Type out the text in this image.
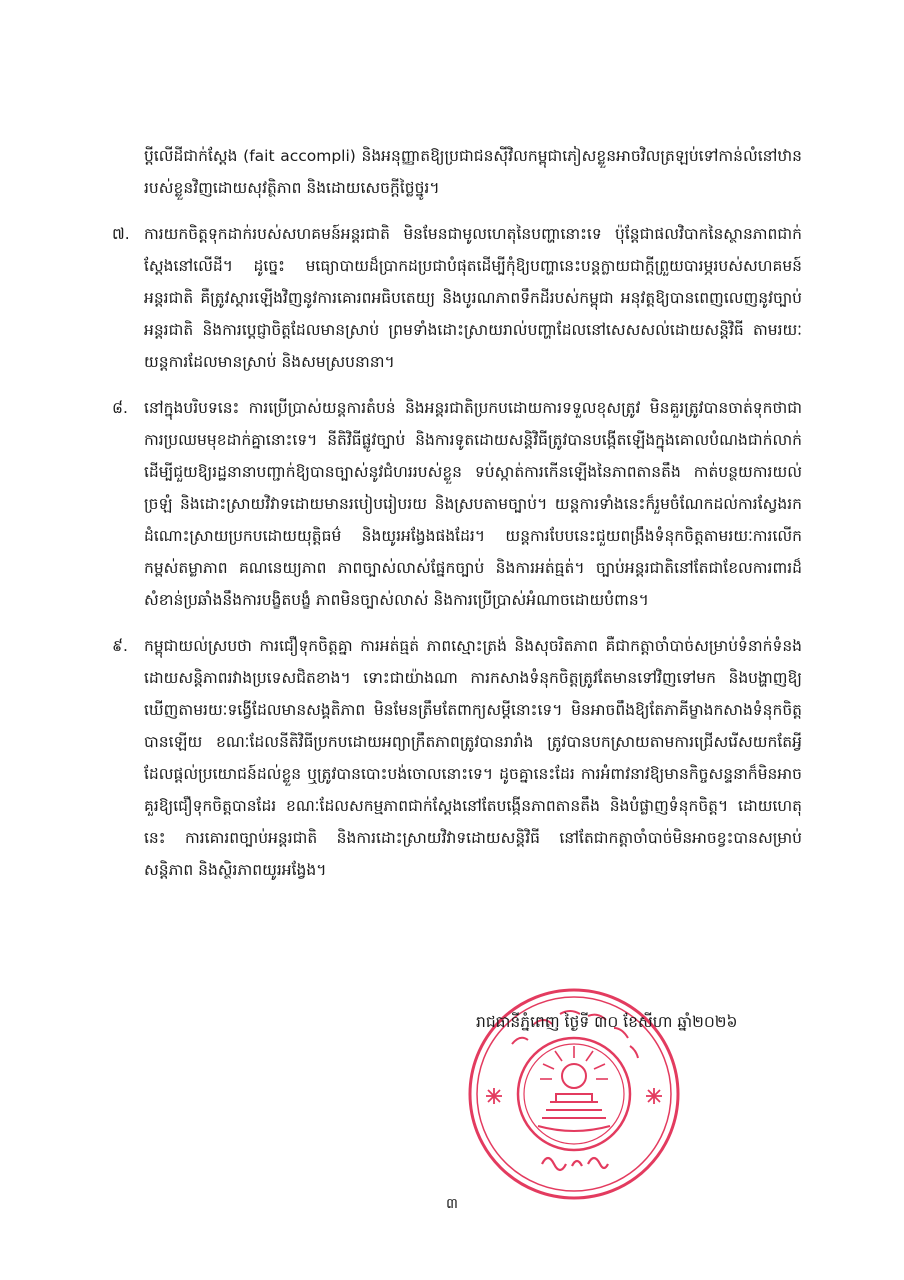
ប្ដីលើដីជាក់ស្ដែង (fait accompli) និងអនុញ្ញាតឱ្យប្រជាជនស៊ីវិលកម្ពុជាភៀសខ្លួនអាចវិលត្រឡប់ទៅកាន់លំនៅឋានរបស់ខ្លួនវិញដោយសុវត្ថិភាព និងដោយសេចក្ដីថ្លៃថ្នូរ។
៧. ការយកចិត្តទុកដាក់របស់សហគមន៍អន្តរជាតិ មិនមែនជាមូលហេតុនៃបញ្ហានោះទេ ប៉ុន្តែជាផលវិបាកនៃស្ថានភាពជាក់ស្ដែងនៅលើដី។ ដូច្នេះ មធ្យោបាយដ៏ប្រាកដប្រជាបំផុតដើម្បីកុំឱ្យបញ្ហានេះបន្តក្លាយជាក្ដីព្រួយបារម្ភរបស់សហគមន៍អន្តរជាតិ គឺត្រូវស្ដារឡើងវិញនូវការគោរពអធិបតេយ្យ និងបូរណភាពទឹកដីរបស់កម្ពុជា អនុវត្តឱ្យបានពេញលេញនូវច្បាប់អន្តរជាតិ និងការប្ដេជ្ញាចិត្តដែលមានស្រាប់ ព្រមទាំងដោះស្រាយរាល់បញ្ហាដែលនៅសេសសល់ដោយសន្តិវិធី តាមរយៈយន្តការដែលមានស្រាប់ និងសមស្របនានា។
៨.	នៅក្នុងបរិបទនេះ ការប្រើប្រាស់យន្តការតំបន់ និងអន្តរជាតិប្រកបដោយការទទួលខុសត្រូវ មិនគួរត្រូវបានចាត់ទុកថាជាការប្រឈមមុខដាក់គ្នានោះទេ។ នីតិវិធីផ្លូវច្បាប់ និងការទូតដោយសន្តិវិធីត្រូវបានបង្កើតឡើងក្នុងគោលបំណងជាក់លាក់ ដើម្បីជួយឱ្យរដ្ឋនានាបញ្ជាក់ឱ្យបានច្បាស់នូវជំហររបស់ខ្លួន ទប់ស្កាត់ការកើនឡើងនៃភាពតានតឹង កាត់បន្ថយការយល់ច្រឡំ និងដោះស្រាយវិវាទដោយមានរបៀបរៀបរយ និងស្របតាមច្បាប់។ យន្តការទាំងនេះក៏រួមចំណែកដល់ការស្វែងរកដំណោះស្រាយប្រកបដោយយុត្តិធម៌ និងយូរអង្វែងផងដែរ។ យន្តការបែបនេះជួយពង្រឹងទំនុកចិត្តតាមរយៈការលើកកម្ពស់តម្លាភាព គណនេយ្យភាព ភាពច្បាស់លាស់ផ្នែកច្បាប់ និងការអត់ធ្មត់។ ច្បាប់អន្តរជាតិនៅតែជាខែលការពារដ៏សំខាន់ប្រឆាំងនឹងការបង្ខិតបង្ខំ ភាពមិនច្បាស់លាស់ និងការប្រើប្រាស់អំណាចដោយបំពាន។
៩.	កម្ពុជាយល់ស្របថា ការជឿទុកចិត្តគ្នា ការអត់ធ្មត់ ភាពស្មោះត្រង់ និងសុចរិតភាព គឺជាកត្តាចាំបាច់សម្រាប់ទំនាក់ទំនងដោយសន្តិភាពរវាងប្រទេសជិតខាង។ ទោះជាយ៉ាងណា ការកសាងទំនុកចិត្តត្រូវតែមានទៅវិញទៅមក និងបង្ហាញឱ្យឃើញតាមរយៈទង្វើដែលមានសង្គតិភាព មិនមែនត្រឹមតែពាក្យសម្ដីនោះទេ។ មិនអាចពឹងឱ្យតែភាគីម្ខាងកសាងទំនុកចិត្តបានឡើយ ខណៈដែលនីតិវិធីប្រកបដោយអព្យាក្រឹតភាពត្រូវបានរារាំង ត្រូវបានបកស្រាយតាមការជ្រើសរើសយកតែអ្វីដែលផ្ដល់ប្រយោជន៍ដល់ខ្លួន ឬត្រូវបានបោះបង់ចោលនោះទេ។ ដូចគ្នានេះដែរ ការអំពាវនាវឱ្យមានកិច្ចសន្ទនាក៏មិនអាចគួរឱ្យជឿទុកចិត្តបានដែរ ខណៈដែលសកម្មភាពជាក់ស្ដែងនៅតែបង្កើនភាពតានតឹង និងបំផ្លាញទំនុកចិត្ត។ ដោយហេតុនេះ ការគោរពច្បាប់អន្តរជាតិ និងការដោះស្រាយវិវាទដោយសន្តិវិធី នៅតែជាកត្តាចាំបាច់មិនអាចខ្វះបានសម្រាប់សន្តិភាព និងស្ថិរភាពយូរអង្វែង។
រាជធានីភ្នំពេញ ថ្ងៃទី ៣០ ខែសីហា ឆ្នាំ២០២៦
៣
